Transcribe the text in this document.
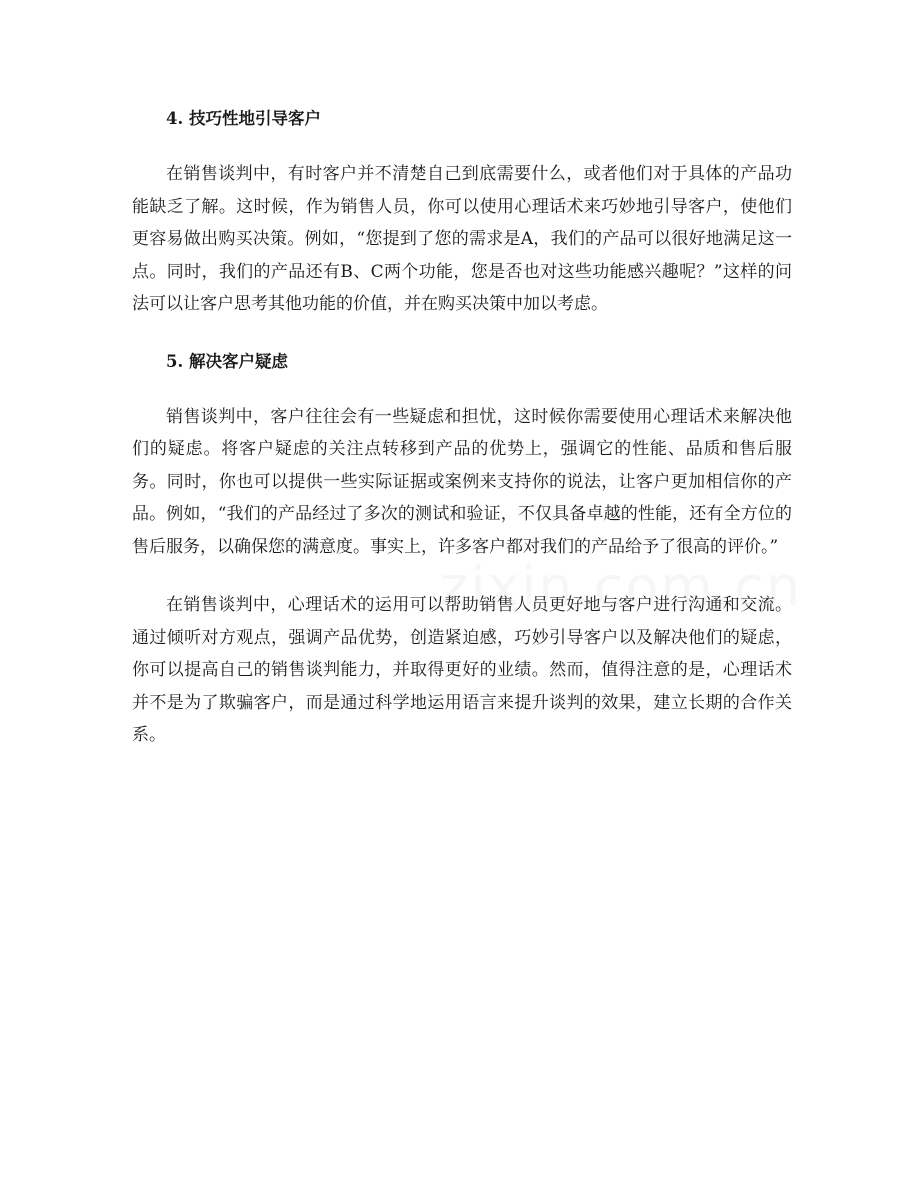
4. 技巧性地引导客户

在销售谈判中，有时客户并不清楚自己到底需要什么，或者他们对于具体的产品功能缺乏了解。这时候，作为销售人员，你可以使用心理话术来巧妙地引导客户，使他们更容易做出购买决策。例如，“您提到了您的需求是A，我们的产品可以很好地满足这一点。同时，我们的产品还有B、C两个功能，您是否也对这些功能感兴趣呢？”这样的问法可以让客户思考其他功能的价值，并在购买决策中加以考虑。

5. 解决客户疑虑

销售谈判中，客户往往会有一些疑虑和担忧，这时候你需要使用心理话术来解决他们的疑虑。将客户疑虑的关注点转移到产品的优势上，强调它的性能、品质和售后服务。同时，你也可以提供一些实际证据或案例来支持你的说法，让客户更加相信你的产品。例如，“我们的产品经过了多次的测试和验证，不仅具备卓越的性能，还有全方位的售后服务，以确保您的满意度。事实上，许多客户都对我们的产品给予了很高的评价。”

在销售谈判中，心理话术的运用可以帮助销售人员更好地与客户进行沟通和交流。通过倾听对方观点，强调产品优势，创造紧迫感，巧妙引导客户以及解决他们的疑虑，你可以提高自己的销售谈判能力，并取得更好的业绩。然而，值得注意的是，心理话术并不是为了欺骗客户，而是通过科学地运用语言来提升谈判的效果，建立长期的合作关系。
